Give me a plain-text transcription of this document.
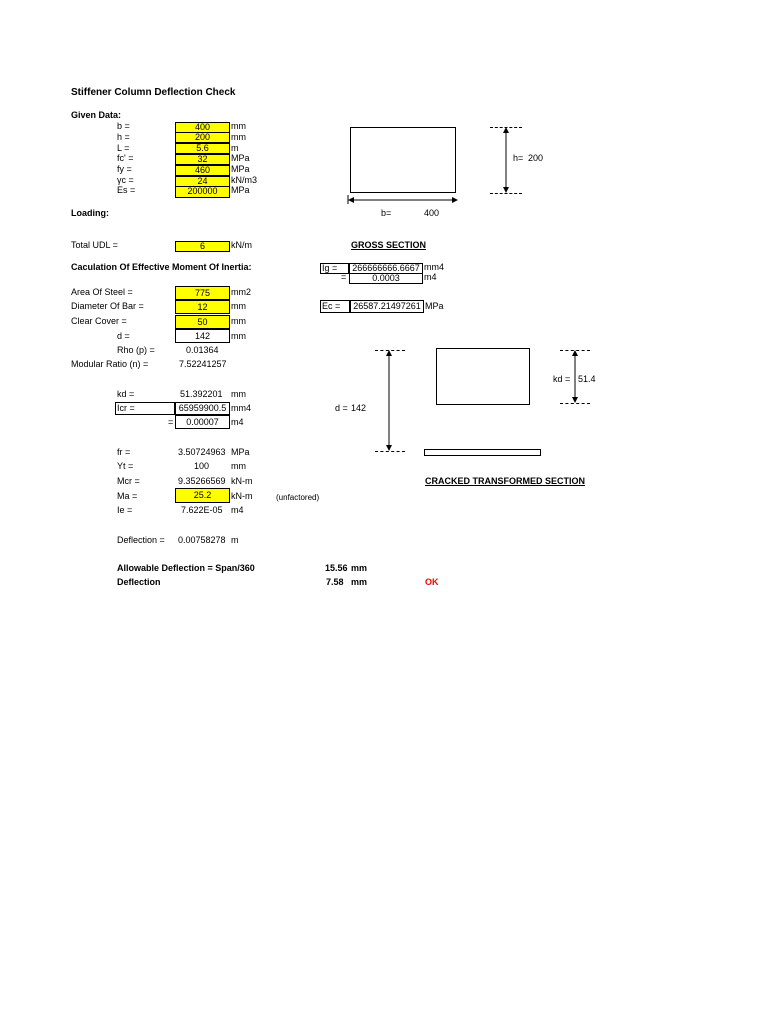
Stiffener Column Deflection Check
Given Data:
b =	400	mm
h =	200	mm
L =	5.6	m
fc' =	32	MPa
fy =	460	MPa
γc =	24	kN/m3
Es =	200000	MPa
h= 200
b=	400
Loading:
Total UDL =	6	kN/m	GROSS SECTION
Caculation Of Effective Moment Of Inertia:	Ig =	266666666.6667 mm4
=	0.0003	m4
Ec =	26587.21497261 MPa
Area Of Steel =	775	mm2
Diameter Of Bar =	12	mm
Clear Cover =	50	mm
d =	142	mm
Rho (p) =	0.01364
Modular Ratio (n) =	7.52241257
kd =	51.392201 mm
Icr =	65959900.5 mm4
=	0.00007	m4
fr =	3.50724963 MPa
Yt =	100 mm
Mcr =	9.35266569 kN-m
Ma =	25.2	kN-m	(unfactored)
Ie =	7.622E-05 m4
Deflection = 0.00758278 m
d = 142
kd = 51.4
CRACKED TRANSFORMED SECTION
Allowable Deflection = Span/360	15.56 mm
Deflection	7.58 mm	OK
